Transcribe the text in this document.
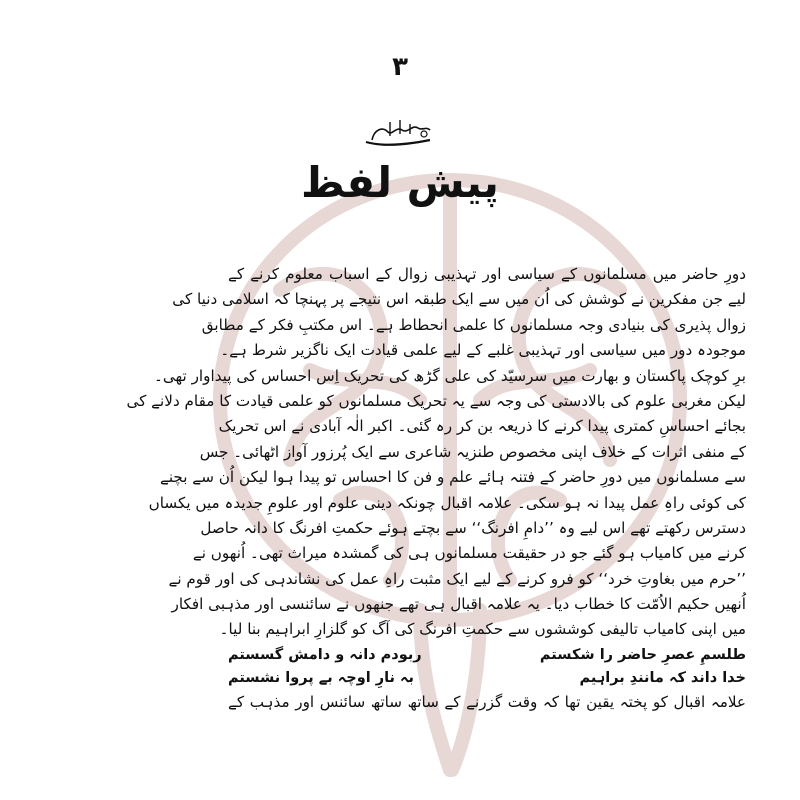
۳
پیش لفظ
دورِ حاضر میں مسلمانوں کے سیاسی اور تہذیبی زوال کے اسباب معلوم کرنے کے
لیے جن مفکرین نے کوشش کی اُن میں سے ایک طبقہ اس نتیجے پر پہنچا کہ اسلامی دنیا کی
زوال پذیری کی بنیادی وجہ مسلمانوں کا علمی انحطاط ہے۔ اس مکتبِ فکر کے مطابق
موجودہ دور میں سیاسی اور تہذیبی غلبے کے لیے علمی قیادت ایک ناگزیر شرط ہے۔
برِ کوچک پاکستان و بھارت میں سرسیّد کی علی گڑھ کی تحریک اِس احساس کی پیداوار تھی۔
لیکن مغربی علوم کی بالادستی کی وجہ سے یہ تحریک مسلمانوں کو علمی قیادت کا مقام دلانے کی
بجائے احساسِ کمتری پیدا کرنے کا ذریعہ بن کر رہ گئی۔ اکبر الٰہ آبادی نے اس تحریک
کے منفی اثرات کے خلاف اپنی مخصوص طنزیہ شاعری سے ایک پُرزور آواز اٹھائی۔ جس
سے مسلمانوں میں دورِ حاضر کے فتنہ ہائے علم و فن کا احساس تو پیدا ہوا لیکن اُن سے بچنے
کی کوئی راہِ عمل پیدا نہ ہو سکی۔ علامہ اقبال چونکہ دینی علوم اور علومِ جدیدہ میں یکساں
دسترس رکھتے تھے اس لیے وہ ’’دامِ افرنگ‘‘ سے بچتے ہوئے حکمتِ افرنگ کا دانہ حاصل
کرنے میں کامیاب ہو گئے جو در حقیقت مسلمانوں ہی کی گمشدہ میراث تھی۔ اُنھوں نے
’’حرم میں بغاوتِ خرد‘‘ کو فرو کرنے کے لیے ایک مثبت راہِ عمل کی نشاندہی کی اور قوم نے
اُنھیں حکیم الاُمّت کا خطاب دیا۔ یہ علامہ اقبال ہی تھے جنھوں نے سائنسی اور مذہبی افکار
میں اپنی کامیاب تالیفی کوششوں سے حکمتِ افرنگ کی آگ کو گلزارِ ابراہیم بنا لیا۔
طلسمِ عصرِ حاضر را شکستم
ربودم دانہ و دامش گسستم
خدا داند کہ مانندِ براہیم
بہ نارِ اوچہ بے پروا نشستم
علامہ اقبال کو پختہ یقین تھا کہ وقت گزرنے کے ساتھ ساتھ سائنس اور مذہب کے
